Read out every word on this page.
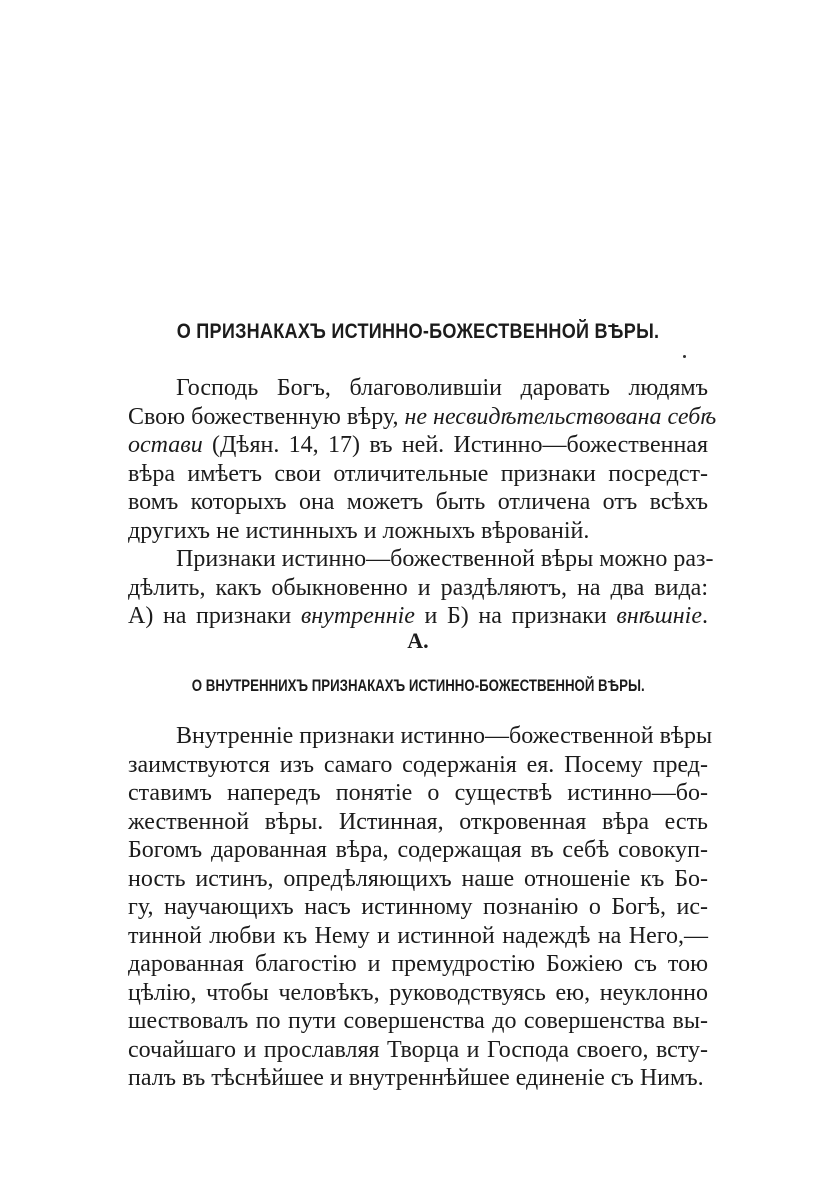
О ПРИЗНАКАХЪ ИСТИННО-БОЖЕСТВЕННОЙ ВѢРЫ.
Господь Богъ, благоволившіи даровать людямъ
Свою божественную вѣру, не несвидѣтельствована себѣ
остави (Дѣян. 14, 17) въ ней. Истинно—божественная
вѣра имѣетъ свои отличительные признаки посредст-
вомъ которыхъ она можетъ быть отличена отъ всѣхъ
другихъ не истинныхъ и ложныхъ вѣрованій.
Признаки истинно—божественной вѣры можно раз-
дѣлить, какъ обыкновенно и раздѣляютъ, на два вида:
А) на признаки внутренніе и Б) на признаки внѣшніе.
А.
О ВНУТРЕННИХЪ ПРИЗНАКАХЪ ИСТИННО-БОЖЕСТВЕННОЙ ВѢРЫ.
Внутренніе признаки истинно—божественной вѣры
заимствуются изъ самаго содержанія ея. Посему пред-
ставимъ напередъ понятіе о существѣ истинно—бо-
жественной вѣры. Истинная, откровенная вѣра есть
Богомъ дарованная вѣра, содержащая въ себѣ совокуп-
ность истинъ, опредѣляющихъ наше отношеніе къ Бо-
гу, научающихъ насъ истинному познанію о Богѣ, ис-
тинной любви къ Нему и истинной надеждѣ на Него,—
дарованная благостію и премудростію Божіею съ тою
цѣлію, чтобы человѣкъ, руководствуясь ею, неуклонно
шествовалъ по пути совершенства до совершенства вы-
сочайшаго и прославляя Творца и Господа своего, всту-
палъ въ тѣснѣйшее и внутреннѣйшее единеніе съ Нимъ.
